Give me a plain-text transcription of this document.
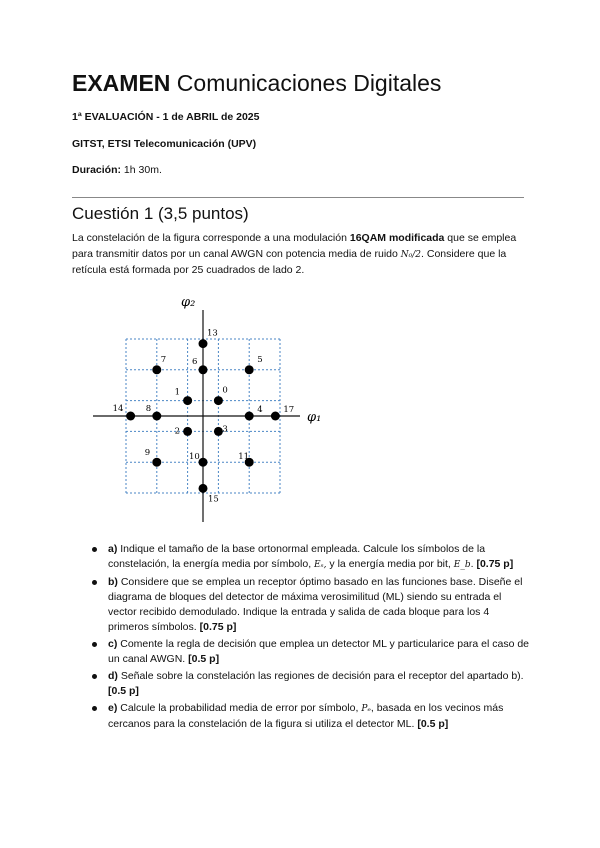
EXAMEN Comunicaciones Digitales
1ª EVALUACIÓN - 1 de ABRIL de 2025
GITST, ETSI Telecomunicación (UPV)
Duración: 1h 30m.
Cuestión 1 (3,5 puntos)
La constelación de la figura corresponde a una modulación 16QAM modificada que se emplea para transmitir datos por un canal AWGN con potencia media de ruido N₀/2. Considere que la retícula está formada por 25 cuadrados de lado 2.
φ₂
φ₁
0
1
2	3
4
5
6
7
8
9	10	11
13
14
15
17
a) Indique el tamaño de la base ortonormal empleada. Calcule los símbolos de la constelación, la energía media por símbolo, Eₛ, y la energía media por bit, E_b. [0.75 p]
b) Considere que se emplea un receptor óptimo basado en las funciones base. Diseñe el diagrama de bloques del detector de máxima verosimilitud (ML) siendo su entrada el vector recibido demodulado. Indique la entrada y salida de cada bloque para los 4 primeros símbolos. [0.75 p]
c) Comente la regla de decisión que emplea un detector ML y particularice para el caso de un canal AWGN. [0.5 p]
d) Señale sobre la constelación las regiones de decisión para el receptor del apartado b). [0.5 p]
e) Calcule la probabilidad media de error por símbolo, Pₑ, basada en los vecinos más cercanos para la constelación de la figura si utiliza el detector ML. [0.5 p]
